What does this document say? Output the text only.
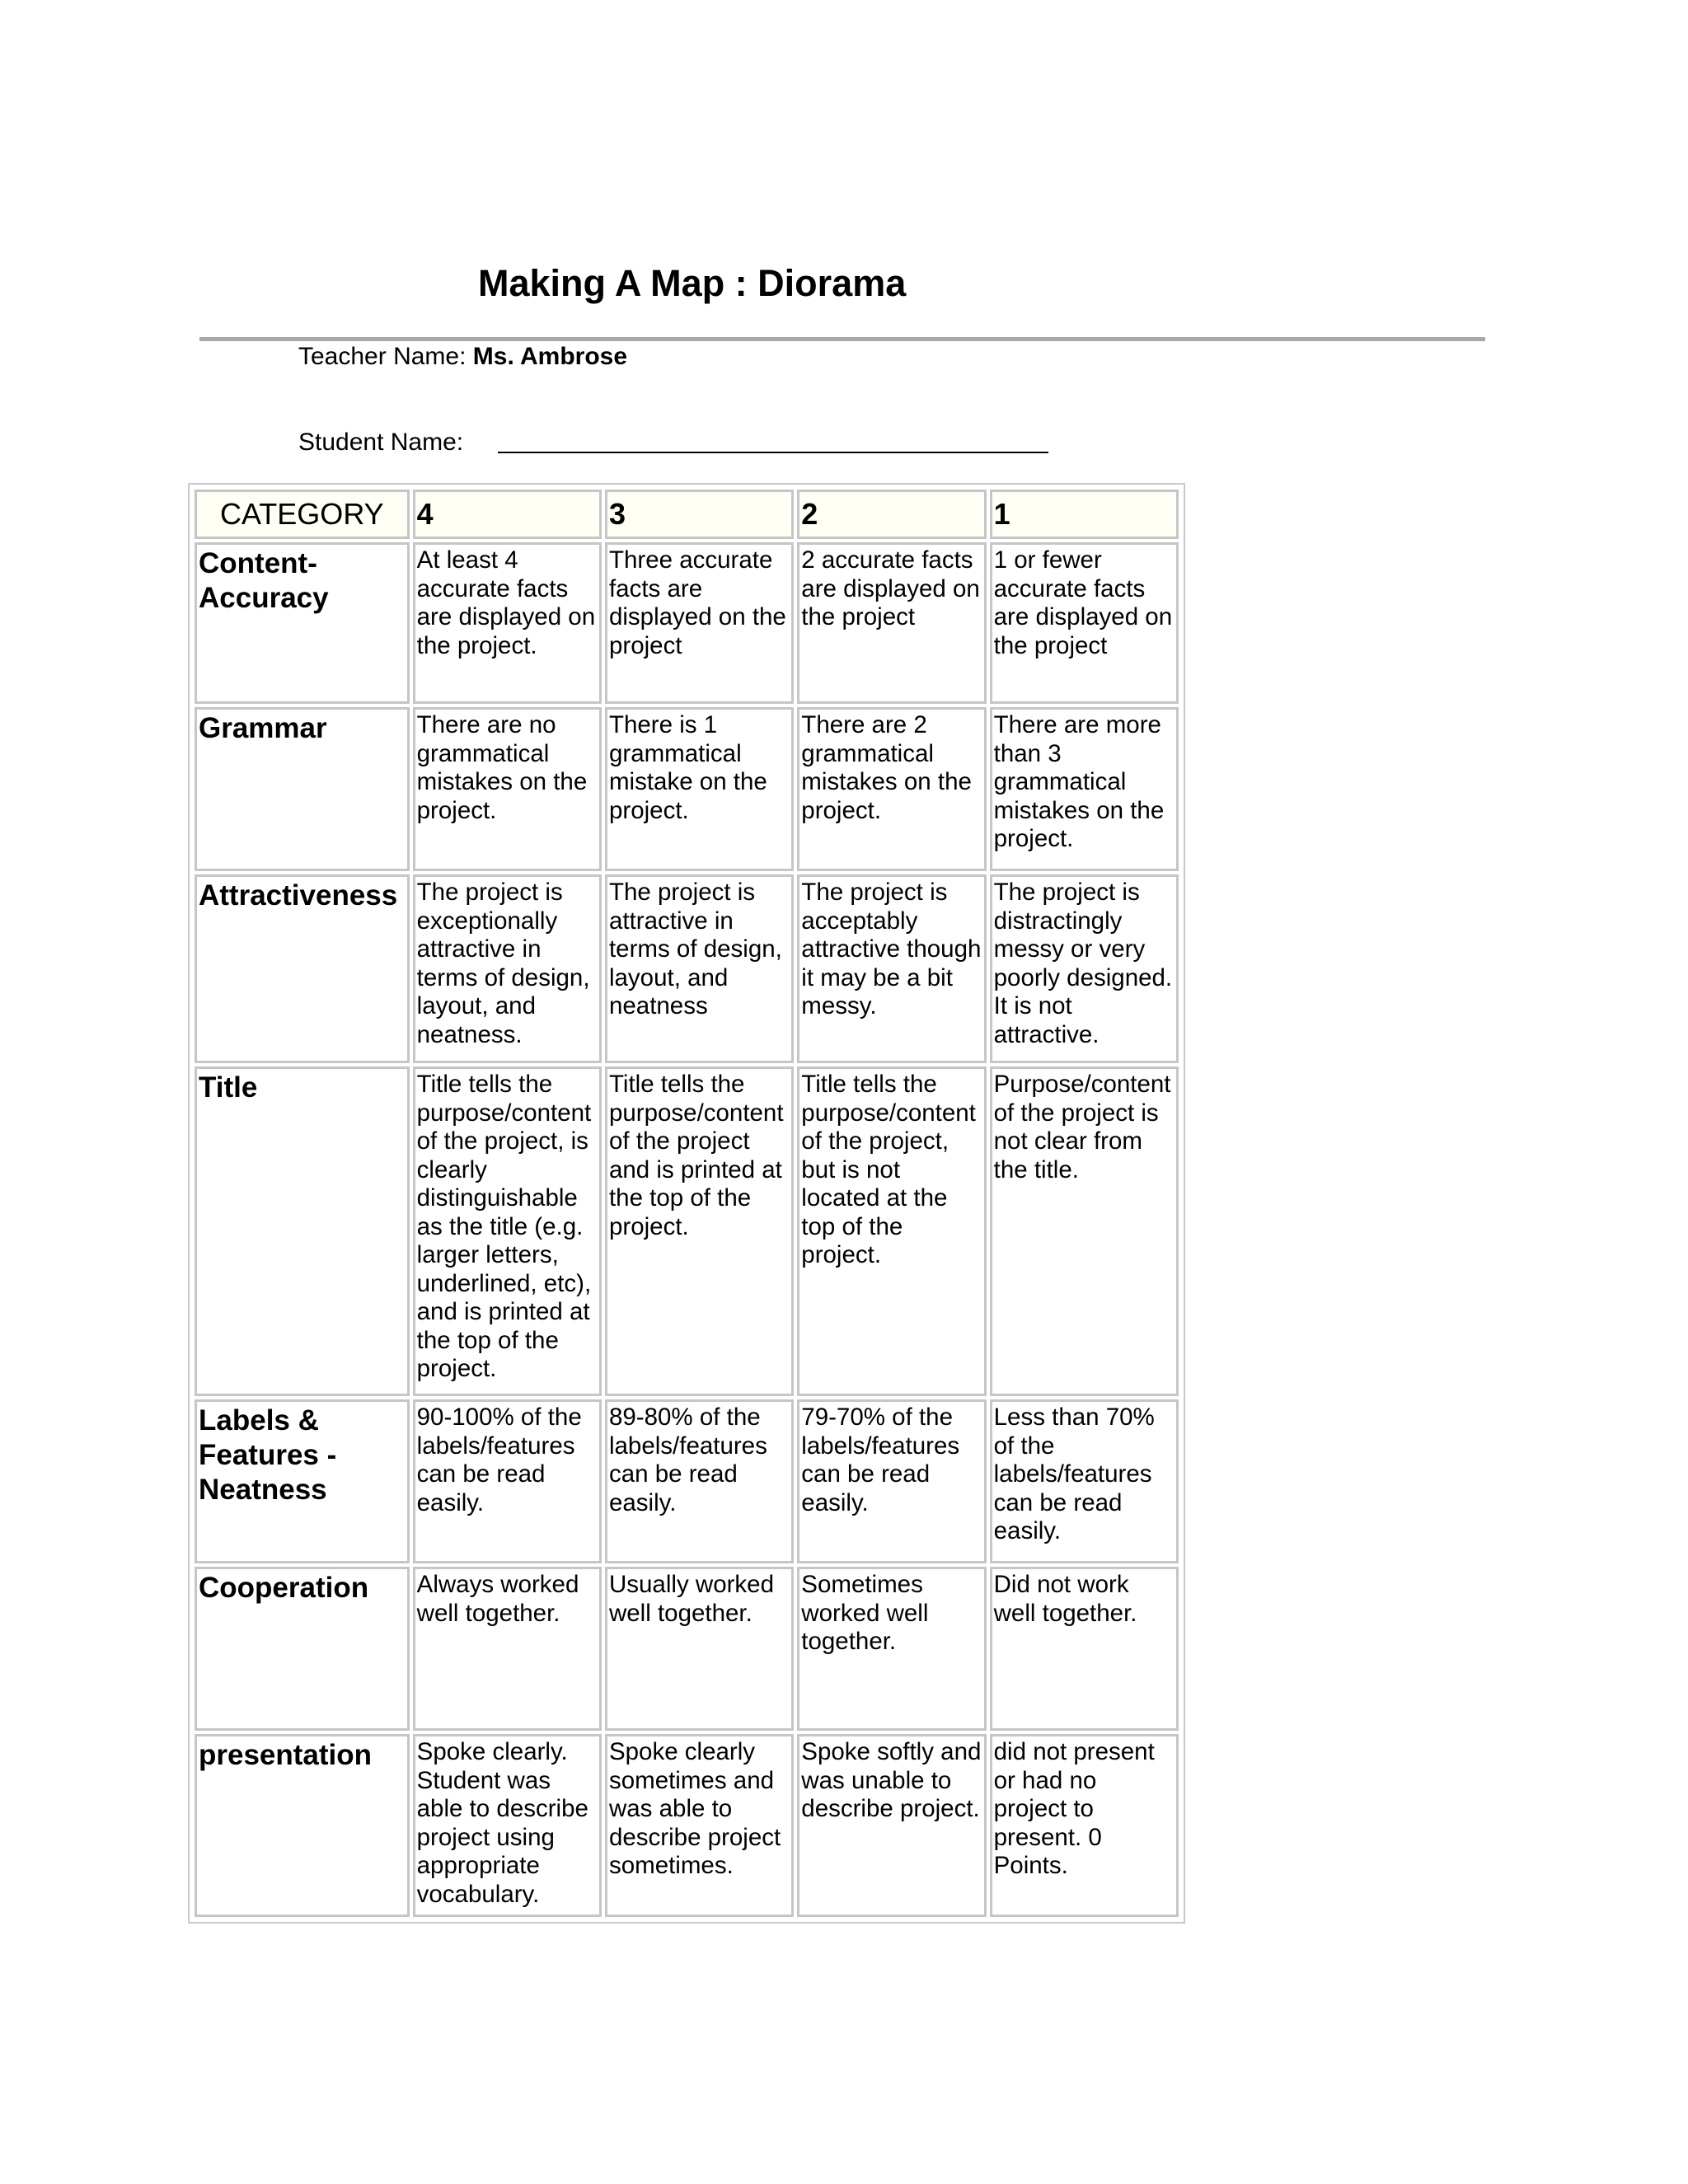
Making A Map : Diorama
Teacher Name: Ms. Ambrose
Student Name:
CATEGORY	4	3	2	1
Content-Accuracy	At least 4 accurate facts are displayed on the project.	Three accurate facts are displayed on the project	2 accurate facts are displayed on the project	1 or fewer accurate facts are displayed on the project
Grammar	There are no grammatical mistakes on the project.	There is 1 grammatical mistake on the project.	There are 2 grammatical mistakes on the project.	There are more than 3 grammatical mistakes on the project.
Attractiveness	The project is exceptionally attractive in terms of design, layout, and neatness.	The project is attractive in terms of design, layout, and neatness	The project is acceptably attractive though it may be a bit messy.	The project is distractingly messy or very poorly designed. It is not attractive.
Title	Title tells the purpose/content of the project, is clearly distinguishable as the title (e.g. larger letters, underlined, etc), and is printed at the top of the project.	Title tells the purpose/content of the project and is printed at the top of the project.	Title tells the purpose/content of the project, but is not located at the top of the project.	Purpose/content of the project is not clear from the title.
Labels & Features - Neatness	90-100% of the labels/features can be read easily.	89-80% of the labels/features can be read easily.	79-70% of the labels/features can be read easily.	Less than 70% of the labels/features can be read easily.
Cooperation	Always worked well together.	Usually worked well together.	Sometimes worked well together.	Did not work well together.
presentation	Spoke clearly. Student was able to describe project using appropriate vocabulary.	Spoke clearly sometimes and was able to describe project sometimes.	Spoke softly and was unable to describe project.	did not present or had no project to present. 0 Points.
